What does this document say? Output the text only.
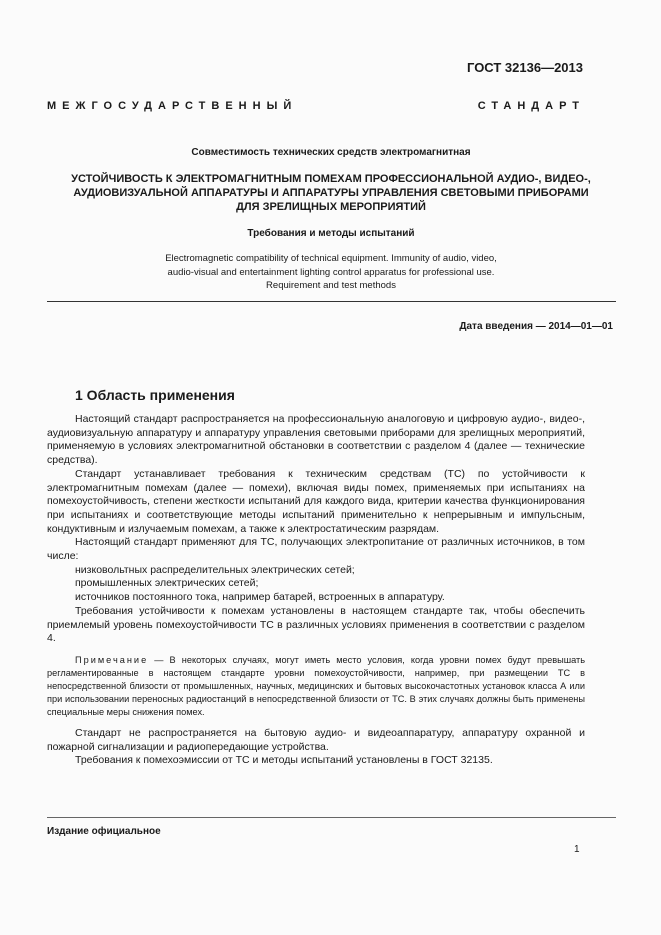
ГОСТ 32136—2013
МЕЖГОСУДАРСТВЕННЫЙ СТАНДАРТ
Совместимость технических средств электромагнитная
УСТОЙЧИВОСТЬ К ЭЛЕКТРОМАГНИТНЫМ ПОМЕХАМ ПРОФЕССИОНАЛЬНОЙ АУДИО-, ВИДЕО-,
АУДИОВИЗУАЛЬНОЙ АППАРАТУРЫ И АППАРАТУРЫ УПРАВЛЕНИЯ СВЕТОВЫМИ ПРИБОРАМИ
ДЛЯ ЗРЕЛИЩНЫХ МЕРОПРИЯТИЙ
Требования и методы испытаний
Electromagnetic compatibility of technical equipment. Immunity of audio, video,
audio-visual and entertainment lighting control apparatus for professional use.
Requirement and test methods
Дата введения — 2014—01—01
1 Область применения

Настоящий стандарт распространяется на профессиональную аналоговую и цифровую аудио-, видео-, аудиовизуальную аппаратуру и аппаратуру управления световыми приборами для зрелищных мероприятий, применяемую в условиях электромагнитной обстановки в соответствии с разделом 4 (далее — технические средства).

Стандарт устанавливает требования к техническим средствам (ТС) по устойчивости к электромагнитным помехам (далее — помехи), включая виды помех, применяемых при испытаниях на помехоустойчивость, степени жесткости испытаний для каждого вида, критерии качества функционирования при испытаниях и соответствующие методы испытаний применительно к непрерывным и импульсным, кондуктивным и излучаемым помехам, а также к электростатическим разрядам.

Настоящий стандарт применяют для ТС, получающих электропитание от различных источников, в том числе:

низковольтных распределительных электрических сетей;

промышленных электрических сетей;

источников постоянного тока, например батарей, встроенных в аппаратуру.

Требования устойчивости к помехам установлены в настоящем стандарте так, чтобы обеспечить приемлемый уровень помехоустойчивости ТС в различных условиях применения в соответствии с разделом 4.

Примечание — В некоторых случаях, могут иметь место условия, когда уровни помех будут превышать регламентированные в настоящем стандарте уровни помехоустойчивости, например, при размещении ТС в непосредственной близости от промышленных, научных, медицинских и бытовых высокочастотных установок класса А или при использовании переносных радиостанций в непосредственной близости от ТС. В этих случаях должны быть применены специальные меры снижения помех.

Стандарт не распространяется на бытовую аудио- и видеоаппаратуру, аппаратуру охранной и пожарной сигнализации и радиопередающие устройства.

Требования к помехоэмиссии от ТС и методы испытаний установлены в ГОСТ 32135.

Издание официальное
1
